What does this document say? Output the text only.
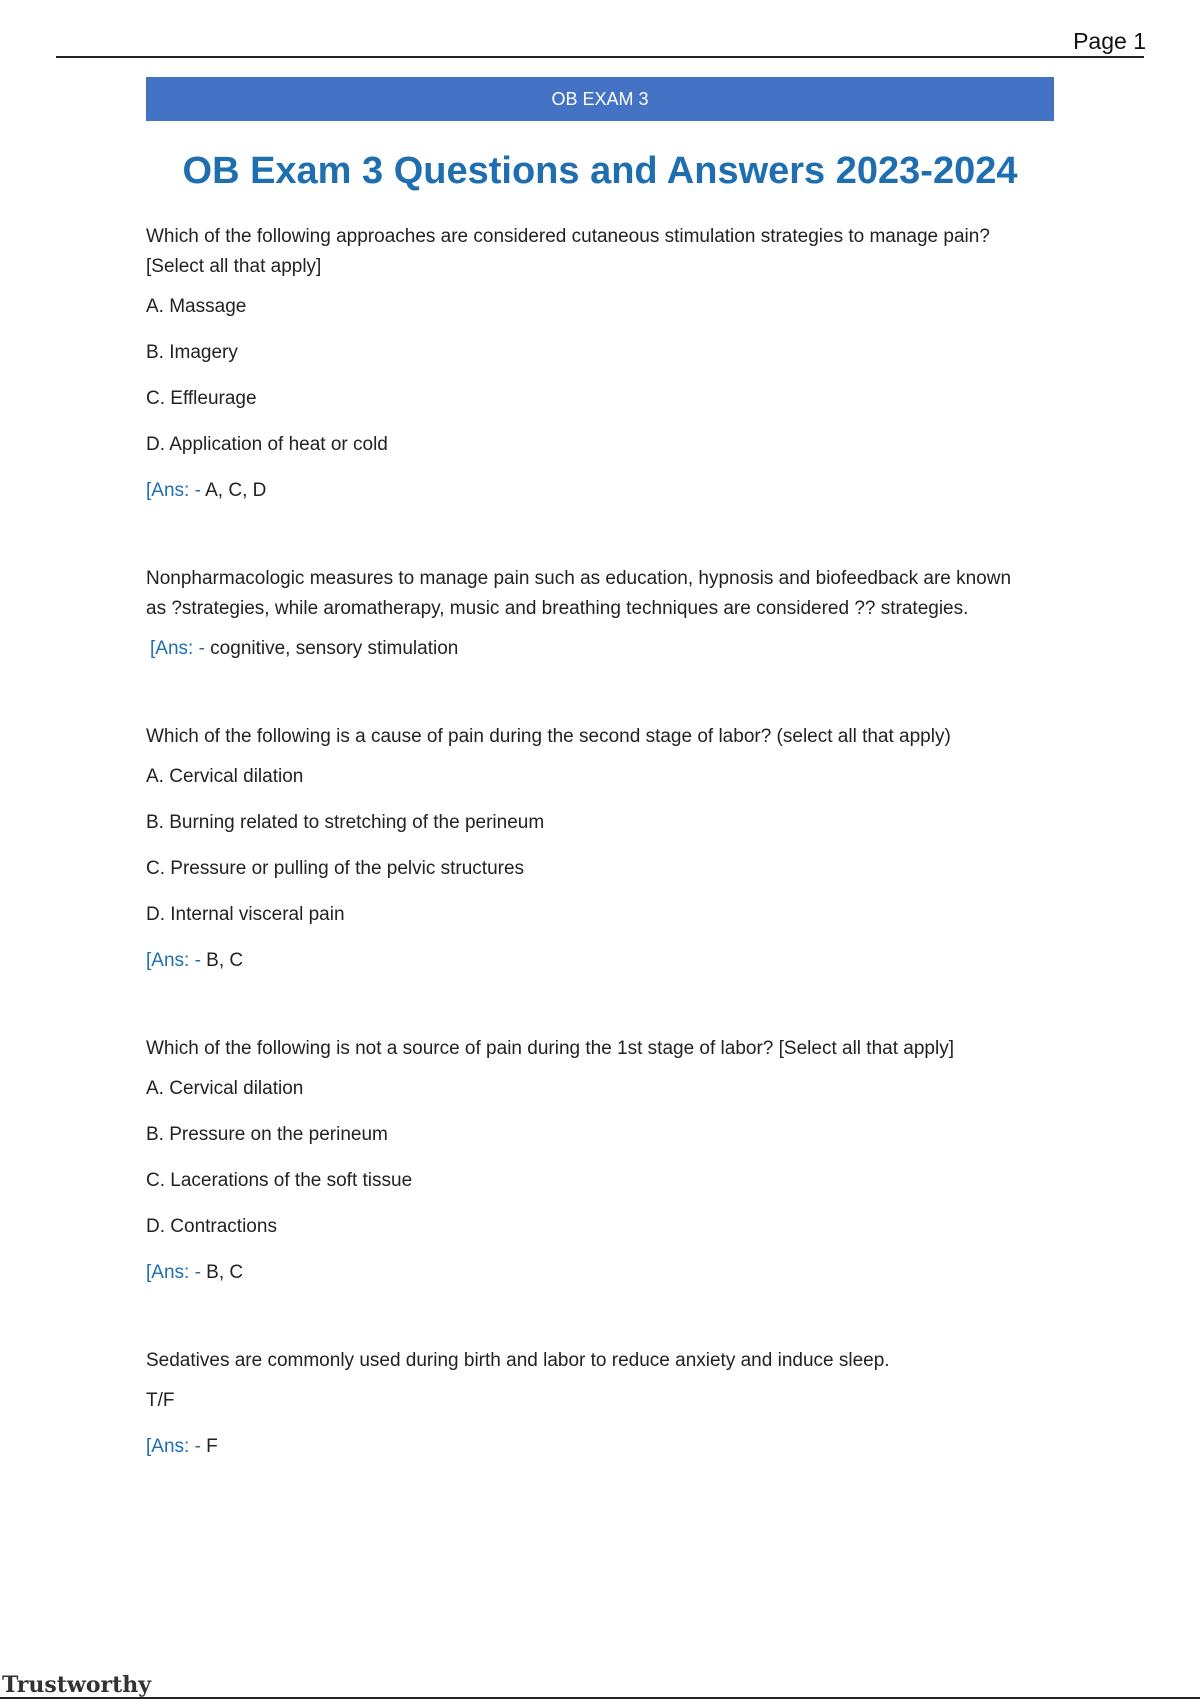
Page 1
OB EXAM 3
OB Exam 3 Questions and Answers 2023-2024

Which of the following approaches are considered cutaneous stimulation strategies to manage pain?[Select all that apply]

A. Massage

B. Imagery

C. Effleurage

D. Application of heat or cold

[Ans: - A, C, D

Nonpharmacologic measures to manage pain such as education, hypnosis and biofeedback are known as ?strategies, while aromatherapy, music and breathing techniques are considered ?? strategies.

[Ans: - cognitive, sensory stimulation

Which of the following is a cause of pain during the second stage of labor? (select all that apply)

A. Cervical dilation

B. Burning related to stretching of the perineum

C. Pressure or pulling of the pelvic structures

D. Internal visceral pain

[Ans: - B, C

Which of the following is not a source of pain during the 1st stage of labor? [Select all that apply]

A. Cervical dilation

B. Pressure on the perineum

C. Lacerations of the soft tissue

D. Contractions

[Ans: - B, C

Sedatives are commonly used during birth and labor to reduce anxiety and induce sleep.

T/F

[Ans: - F

Trustworthy
